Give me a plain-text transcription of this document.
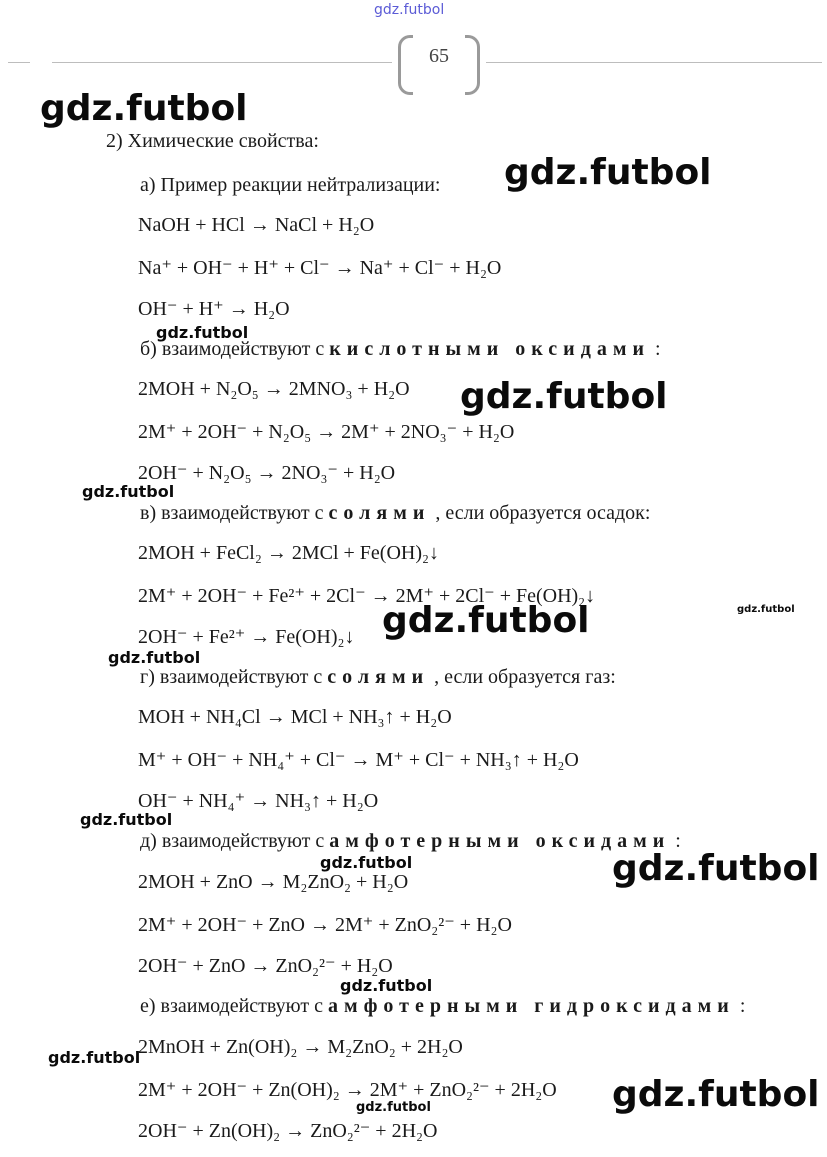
gdz.futbol
65
2) Химические свойства:
а) Пример реакции нейтрализации:
NaOH + HCl → NaCl + H₂O
Na⁺ + OH⁻ + H⁺ + Cl⁻ → Na⁺ + Cl⁻ + H₂O
OH⁻ + H⁺ → H₂O
б) взаимодействуют с кислотными оксидами :
2MOH + N₂O₅ → 2MNO₃ + H₂O
2M⁺ + 2OH⁻ + N₂O₅ → 2M⁺ + 2NO₃⁻ + H₂O
2OH⁻ + N₂O₅ → 2NO₃⁻ + H₂O
в) взаимодействуют с солями , если образуется осадок:
2MOH + FeCl₂ → 2MCl + Fe(OH)₂↓
2M⁺ + 2OH⁻ + Fe²⁺ + 2Cl⁻ → 2M⁺ + 2Cl⁻ + Fe(OH)₂↓
2OH⁻ + Fe²⁺ → Fe(OH)₂↓
г) взаимодействуют с солями , если образуется газ:
MOH + NH₄Cl → MCl + NH₃↑ + H₂O
M⁺ + OH⁻ + NH₄⁺ + Cl⁻ → M⁺ + Cl⁻ + NH₃↑ + H₂O
OH⁻ + NH₄⁺ → NH₃↑ + H₂O
д) взаимодействуют с амфотерными оксидами :
2MOH + ZnO → M₂ZnO₂ + H₂O
2M⁺ + 2OH⁻ + ZnO → 2M⁺ + ZnO₂²⁻ + H₂O
2OH⁻ + ZnO → ZnO₂²⁻ + H₂O
е) взаимодействуют с амфотерными гидроксидами :
2MnOH + Zn(OH)₂ → M₂ZnO₂ + 2H₂O
2M⁺ + 2OH⁻ + Zn(OH)₂ → 2M⁺ + ZnO₂²⁻ + 2H₂O
2OH⁻ + Zn(OH)₂ → ZnO₂²⁻ + 2H₂O
gdz.futbol
gdz.futbol
gdz.futbol
gdz.futbol
gdz.futbol
gdz.futbol	gdz.futbol
gdz.futbol
gdz.futbol
gdz.futbol	gdz.futbol
gdz.futbol
gdz.futbol
gdz.futbol
gdz.futbol
